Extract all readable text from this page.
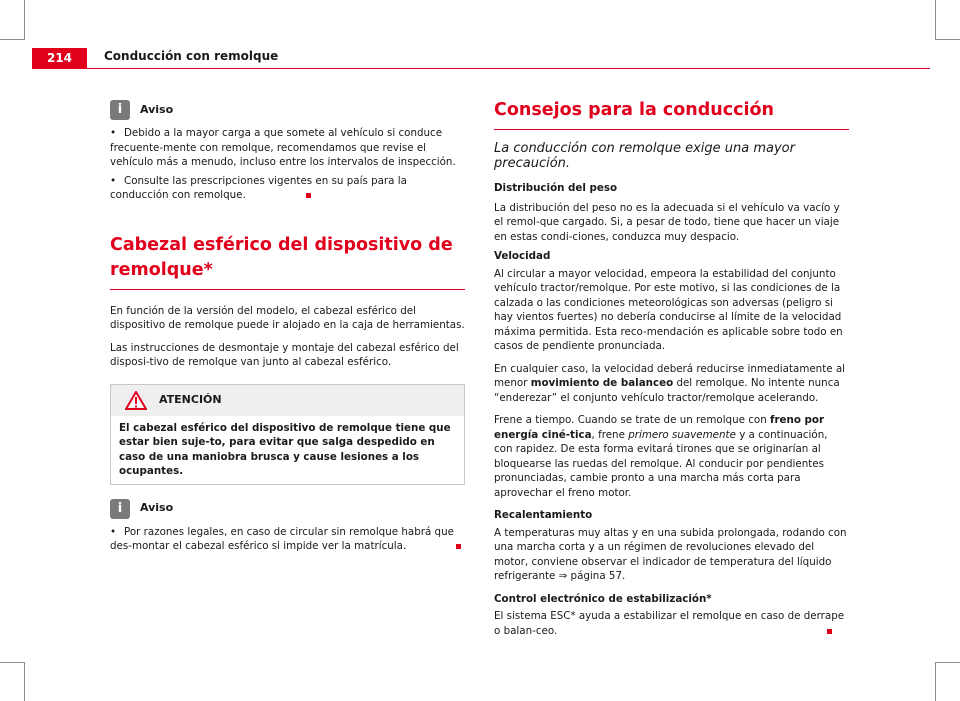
214	Conducción con remolque
i	Aviso

• Debido a la mayor carga a que somete al vehículo si conduce frecuente-mente con remolque, recomendamos que revise el vehículo más a menudo, incluso entre los intervalos de inspección.

• Consulte las prescripciones vigentes en su país para la conducción con remolque.

Cabezal esférico del dispositivo de
remolque*

En función de la versión del modelo, el cabezal esférico del dispositivo de remolque puede ir alojado en la caja de herramientas.

Las instrucciones de desmontaje y montaje del cabezal esférico del disposi-tivo de remolque van junto al cabezal esférico.

ATENCIÓN
El cabezal esférico del dispositivo de remolque tiene que estar bien suje-to, para evitar que salga despedido en caso de una maniobra brusca y cause lesiones a los ocupantes.
i	Aviso

• Por razones legales, en caso de circular sin remolque habrá que des-montar el cabezal esférico si impide ver la matrícula.

Consejos para la conducción

La conducción con remolque exige una mayor precaución.

Distribución del peso

La distribución del peso no es la adecuada si el vehículo va vacío y el remol-que cargado. Si, a pesar de todo, tiene que hacer un viaje en estas condi-ciones, conduzca muy despacio.

Velocidad

Al circular a mayor velocidad, empeora la estabilidad del conjunto vehículo tractor/remolque. Por este motivo, si las condiciones de la calzada o las condiciones meteorológicas son adversas (peligro si hay vientos fuertes) no debería conducirse al límite de la velocidad máxima permitida. Esta reco-mendación es aplicable sobre todo en casos de pendiente pronunciada.

En cualquier caso, la velocidad deberá reducirse inmediatamente al menor movimiento de balanceo del remolque. No intente nunca “enderezar” el conjunto vehículo tractor/remolque acelerando.

Frene a tiempo. Cuando se trate de un remolque con freno por energía ciné-tica, frene primero suavemente y a continuación, con rapidez. De esta forma evitará tirones que se originarían al bloquearse las ruedas del remolque. Al conducir por pendientes pronunciadas, cambie pronto a una marcha más corta para aprovechar el freno motor.

Recalentamiento

A temperaturas muy altas y en una subida prolongada, rodando con una marcha corta y a un régimen de revoluciones elevado del motor, conviene observar el indicador de temperatura del líquido refrigerante ⇒ página 57.

Control electrónico de estabilización*

El sistema ESC* ayuda a estabilizar el remolque en caso de derrape o balan-ceo.
